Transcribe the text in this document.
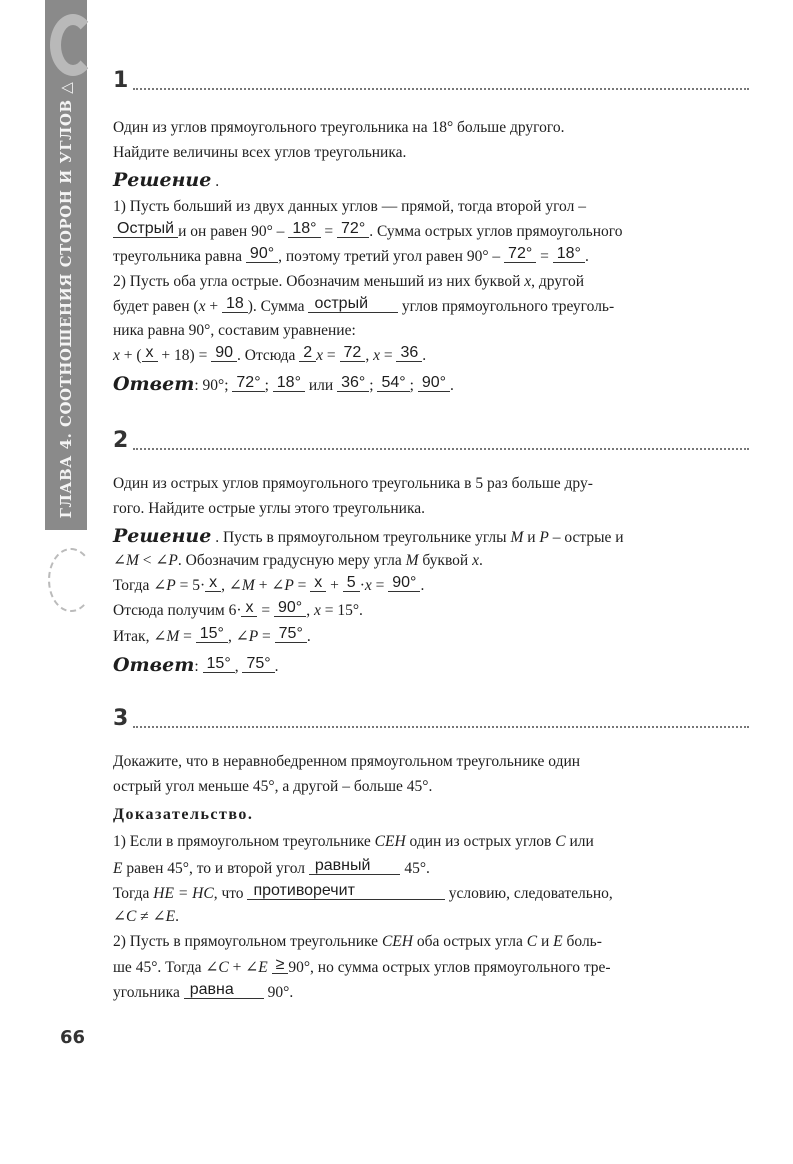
ГЛАВА 4. СООТНОШЕНИЯ СТОРОН И УГЛОВ △
1
Один из углов прямоугольного треугольника на 18° больше другого.
Найдите величины всех углов треугольника.
Решение .
1) Пусть больший из двух данных углов — прямой, тогда второй угол –
Острый и он равен 90° – 18° = 72° . Сумма острых углов прямоугольного
треугольника равна 90° , поэтому третий угол равен 90° – 72° = 18° .
2) Пусть оба угла острые. Обозначим меньший из них буквой x, другой
будет равен (x + 18 ). Сумма острый углов прямоугольного треуголь-
ника равна 90°, составим уравнение:
x + ( x + 18) = 90 . Отсюда 2 x = 72 , x = 36 .
Ответ: 90°; 72° ; 18° или 36° ; 54° ; 90° .
2
Один из острых углов прямоугольного треугольника в 5 раз больше дру-
гого. Найдите острые углы этого треугольника.
Решение . Пусть в прямоугольном треугольнике углы M и P – острые и
∠M < ∠P. Обозначим градусную меру угла M буквой x.
Тогда ∠P = 5· x , ∠M + ∠P = x + 5 ·x = 90° .
Отсюда получим 6· x = 90° , x = 15°.
Итак, ∠M = 15° , ∠P = 75° .
Ответ: 15° , 75° .
3
Докажите, что в неравнобедренном прямоугольном треугольнике один
острый угол меньше 45°, а другой – больше 45°.
Доказательство.
1) Если в прямоугольном треугольнике CEH один из острых углов C или
E равен 45°, то и второй угол равный 45°.
Тогда HE = HC, что противоречит	условию, следовательно,
∠C ≠ ∠E.
2) Пусть в прямоугольном треугольнике CEH оба острых угла C и E боль-
ше 45°. Тогда ∠C + ∠E ≥ 90°, но сумма острых углов прямоугольного тре-
угольника равна 90°.
66
